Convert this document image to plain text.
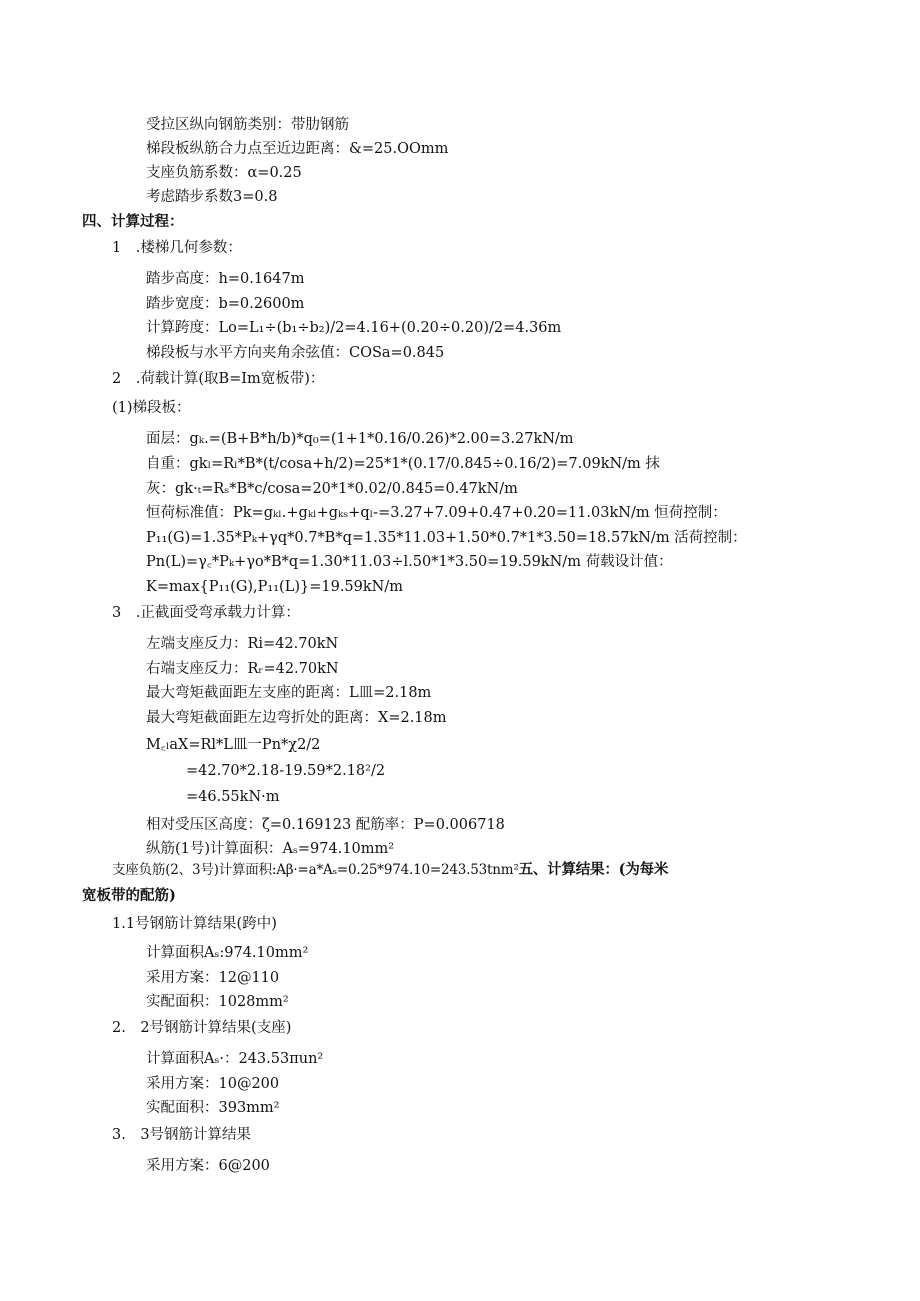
受拉区纵向钢筋类别：带肋钢筋
梯段板纵筋合力点至近边距离：&=25.OOmm
支座负筋系数：α=0.25
考虑踏步系数3=0.8
四、计算过程：
1　.楼梯几何参数：
踏步高度：h=0.1647m
踏步宽度：b=0.2600m
计算跨度：Lo=L₁÷(b₁÷b₂)/2=4.16+(0.20÷0.20)/2=4.36m
梯段板与水平方向夹角余弦值：COSa=0.845
2　.荷载计算(取B=Im宽板带)：
(1)梯段板：
面层：gₖ.=(B+B*h/b)*q₀=(1+1*0.16/0.26)*2.00=3.27kN/m
自重：gkₗ=Rₗ*B*(t/cosa+h/2)=25*1*(0.17/0.845÷0.16/2)=7.09kN/m 抹
灰：gk·ₜ=Rₛ*B*c/cosa=20*1*0.02/0.845=0.47kN/m
恒荷标准值：Pk=gₖₗ.+gₖₗ+gₖₛ+qₗ-=3.27+7.09+0.47+0.20=11.03kN/m 恒荷控制：
P₁₁(G)=1.35*Pₖ+γq*0.7*B*q=1.35*11.03+1.50*0.7*1*3.50=18.57kN/m 活荷控制：
Pn(L)=γ꜀*Pₖ+γo*B*q=1.30*11.03÷l.50*1*3.50=19.59kN/m 荷载设计值：
K=max{P₁₁(G),P₁₁(L)}=19.59kN/m
3　.正截面受弯承载力计算：
左端支座反力：Ri=42.70kN
右端支座反力：Rᵣ=42.70kN
最大弯矩截面距左支座的距离：L皿=2.18m
最大弯矩截面距左边弯折处的距离：X=2.18m
M꜀ₗaX=Rl*L皿一Pn*χ2/2
=42.70*2.18-19.59*2.18²/2
=46.55kN·m
相对受压区高度：ζ=0.169123 配筋率：P=0.006718
纵筋(1号)计算面积：Aₛ=974.10mm²
支座负筋(2、3号)计算面积:Aβ·=a*Aₛ=0.25*974.10=243.53tnm²五、计算结果：(为每米
宽板带的配筋)
1.1号钢筋计算结果(跨中)
计算面积Aₛ:974.10mm²
采用方案：12@110
实配面积：1028mm²
2.　2号钢筋计算结果(支座)
计算面积Aₛ·：243.53πun²
采用方案：10@200
实配面积：393mm²
3.　3号钢筋计算结果
采用方案：6@200
